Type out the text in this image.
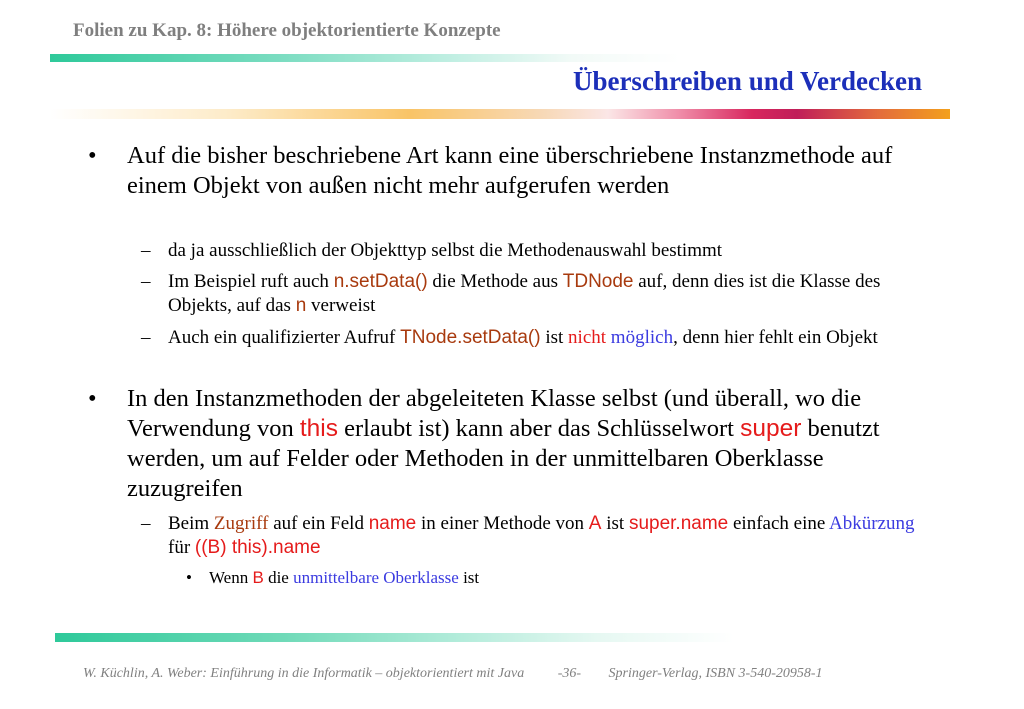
Folien zu Kap. 8: Höhere objektorientierte Konzepte
Überschreiben und Verdecken
• Auf die bisher beschriebene Art kann eine überschriebene Instanzmethode auf einem Objekt von außen nicht mehr aufgerufen werden
– da ja ausschließlich der Objekttyp selbst die Methodenauswahl bestimmt
– Im Beispiel ruft auch n.setData() die Methode aus TDNode auf, denn dies ist die Klasse des Objekts, auf das n verweist
– Auch ein qualifizierter Aufruf TNode.setData() ist nicht möglich, denn hier fehlt ein Objekt
• In den Instanzmethoden der abgeleiteten Klasse selbst (und überall, wo die Verwendung von this erlaubt ist) kann aber das Schlüsselwort super benutzt werden, um auf Felder oder Methoden in der unmittelbaren Oberklasse zuzugreifen
– Beim Zugriff auf ein Feld name in einer Methode von A ist super.name einfach eine Abkürzung für ((B) this).name
• Wenn B die unmittelbare Oberklasse ist
W. Küchlin, A. Weber: Einführung in die Informatik – objektorientiert mit Java -36- Springer-Verlag, ISBN 3-540-20958-1
